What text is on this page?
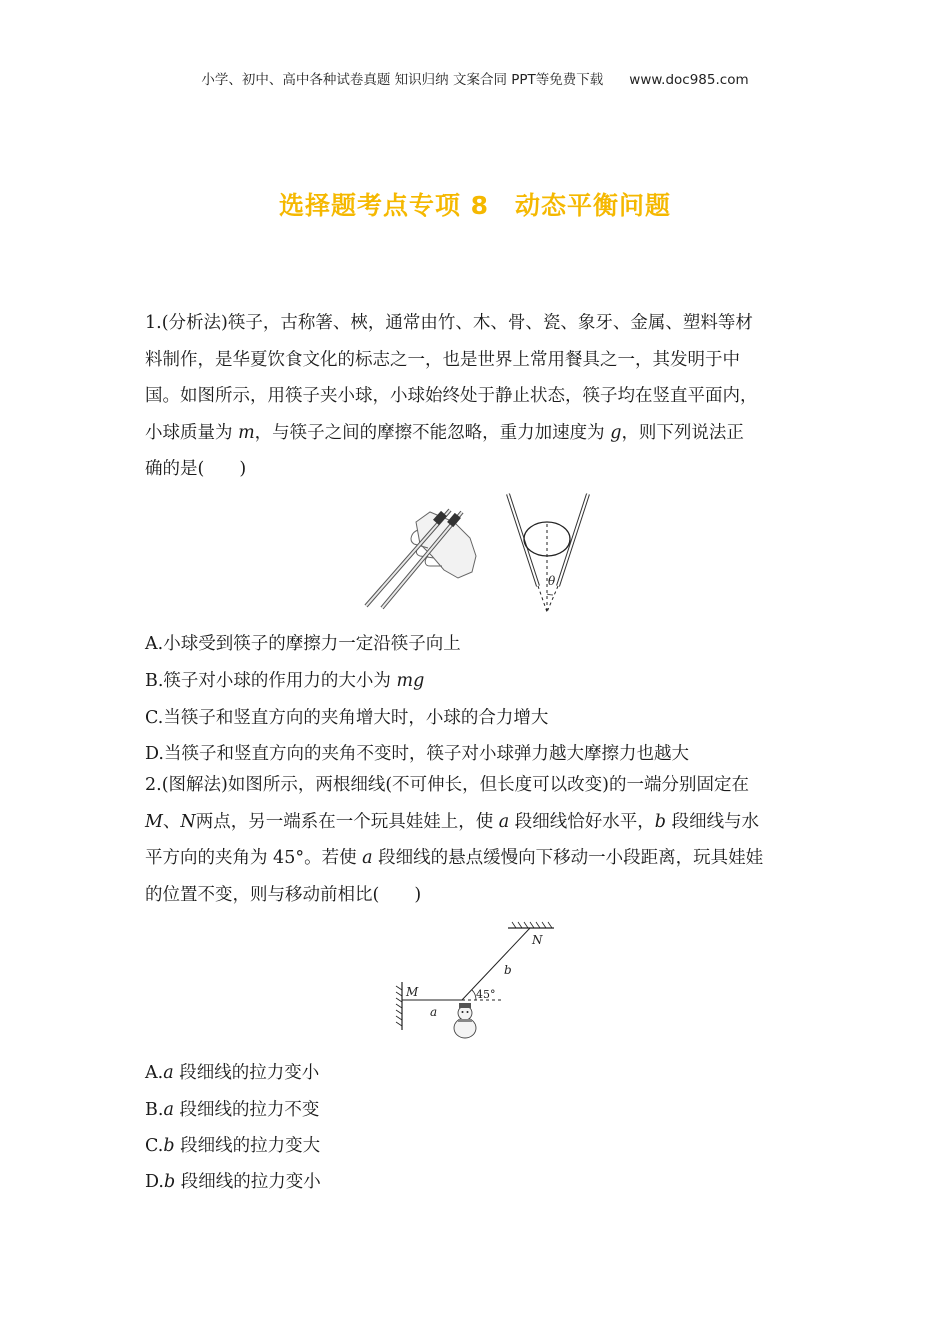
小学、初中、高中各种试卷真题 知识归纳 文案合同 PPT等免费下载 www.doc985.com
选择题考点专项 8 动态平衡问题
1.(分析法)筷子，古称箸、梜，通常由竹、木、骨、瓷、象牙、金属、塑料等材
料制作，是华夏饮食文化的标志之一，也是世界上常用餐具之一，其发明于中
国。如图所示，用筷子夹小球，小球始终处于静止状态，筷子均在竖直平面内，
小球质量为 m，与筷子之间的摩擦不能忽略，重力加速度为 g，则下列说法正
确的是(　　)
θ
A.小球受到筷子的摩擦力一定沿筷子向上
B.筷子对小球的作用力的大小为 mg
C.当筷子和竖直方向的夹角增大时，小球的合力增大
D.当筷子和竖直方向的夹角不变时，筷子对小球弹力越大摩擦力也越大
2.(图解法)如图所示，两根细线(不可伸长，但长度可以改变)的一端分别固定在
M、N两点，另一端系在一个玩具娃娃上，使 a 段细线恰好水平，b 段细线与水
平方向的夹角为 45°。若使 a 段细线的悬点缓慢向下移动一小段距离，玩具娃娃
的位置不变，则与移动前相比(　　)
M
N
a
b
45°
A.a 段细线的拉力变小
B.a 段细线的拉力不变
C.b 段细线的拉力变大
D.b 段细线的拉力变小
